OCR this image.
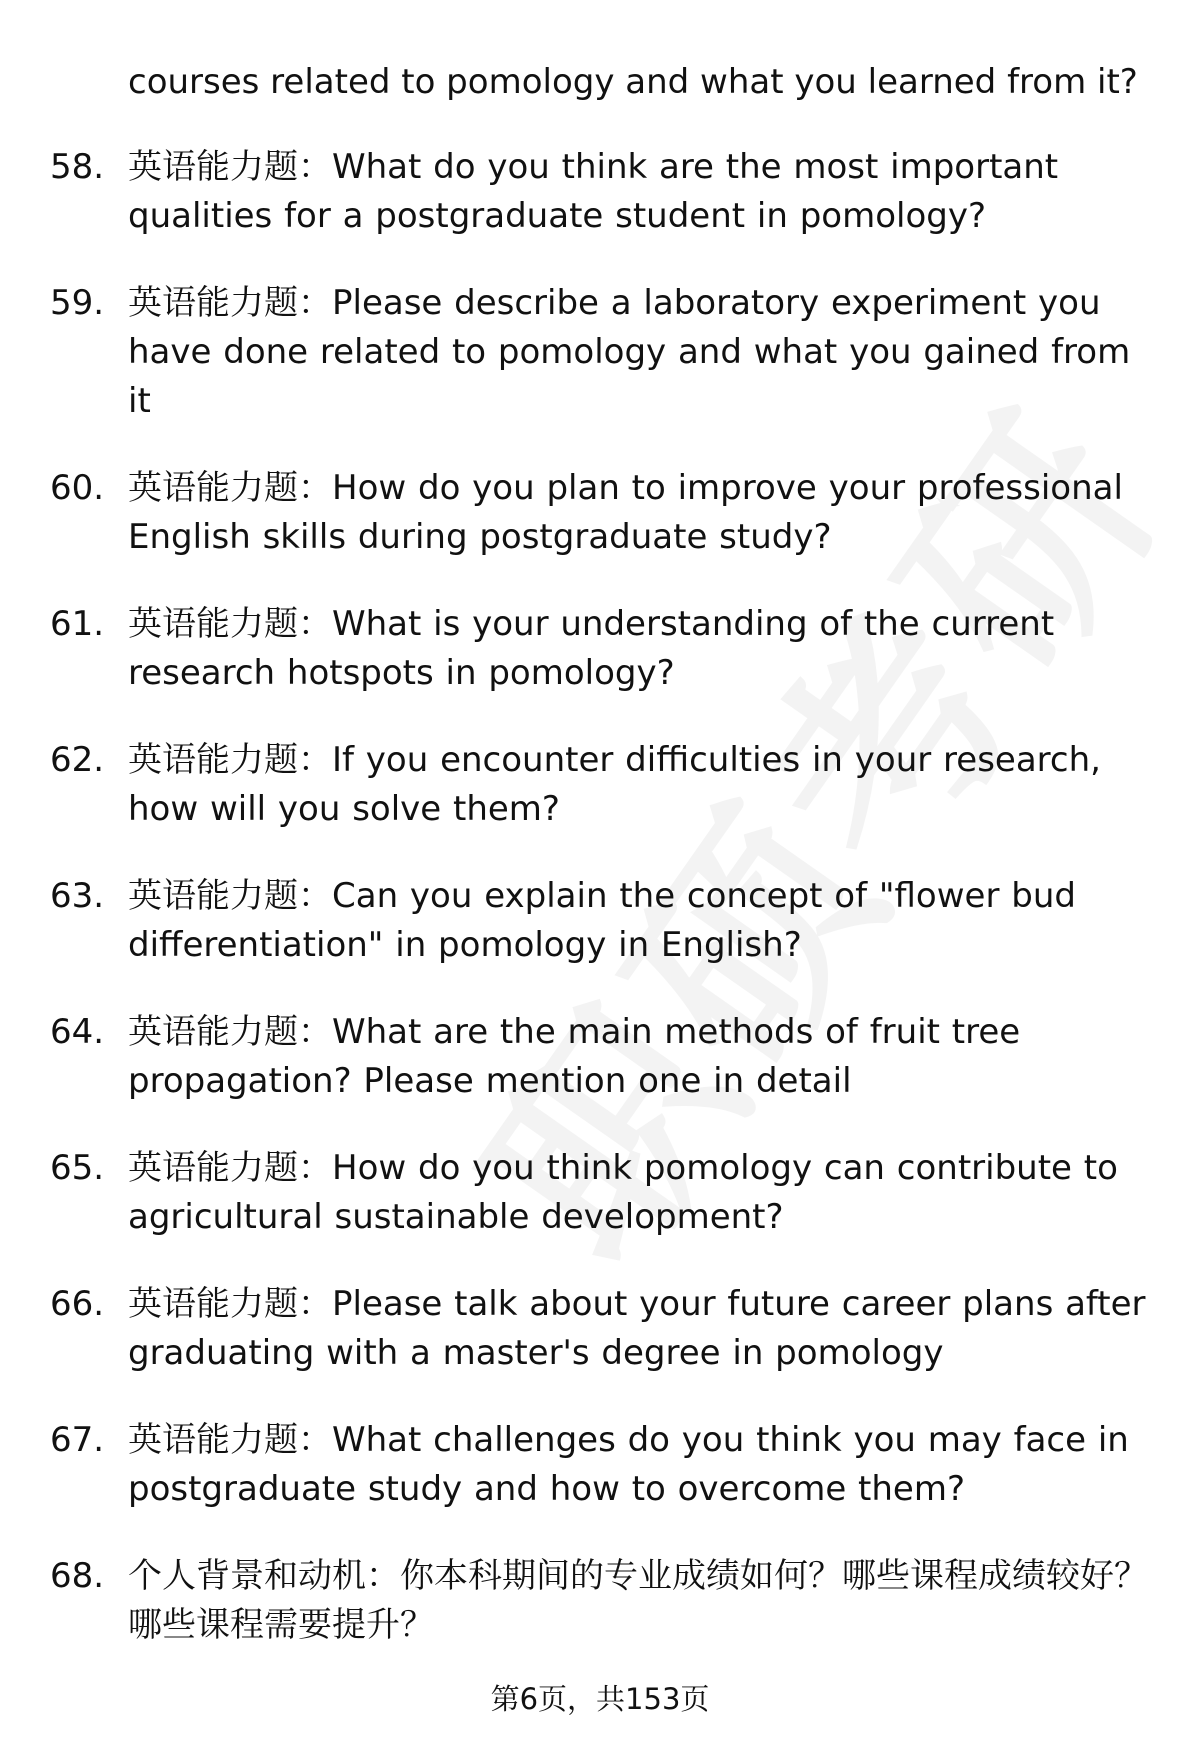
courses related to pomology and what you learned from it?
58. 英语能力题：What do you think are the most important qualities for a postgraduate student in pomology?
59. 英语能力题：Please describe a laboratory experiment you have done related to pomology and what you gained from it
60. 英语能力题：How do you plan to improve your professional English skills during postgraduate study?
61. 英语能力题：What is your understanding of the current research hotspots in pomology?
62. 英语能力题：If you encounter difficulties in your research, how will you solve them?
63. 英语能力题：Can you explain the concept of "flower bud differentiation" in pomology in English?
64. 英语能力题：What are the main methods of fruit tree propagation? Please mention one in detail
65. 英语能力题：How do you think pomology can contribute to agricultural sustainable development?
66. 英语能力题：Please talk about your future career plans after graduating with a master's degree in pomology
67. 英语能力题：What challenges do you think you may face in postgraduate study and how to overcome them?
68. 个人背景和动机：你本科期间的专业成绩如何？哪些课程成绩较好？哪些课程需要提升？
第6页，共153页
